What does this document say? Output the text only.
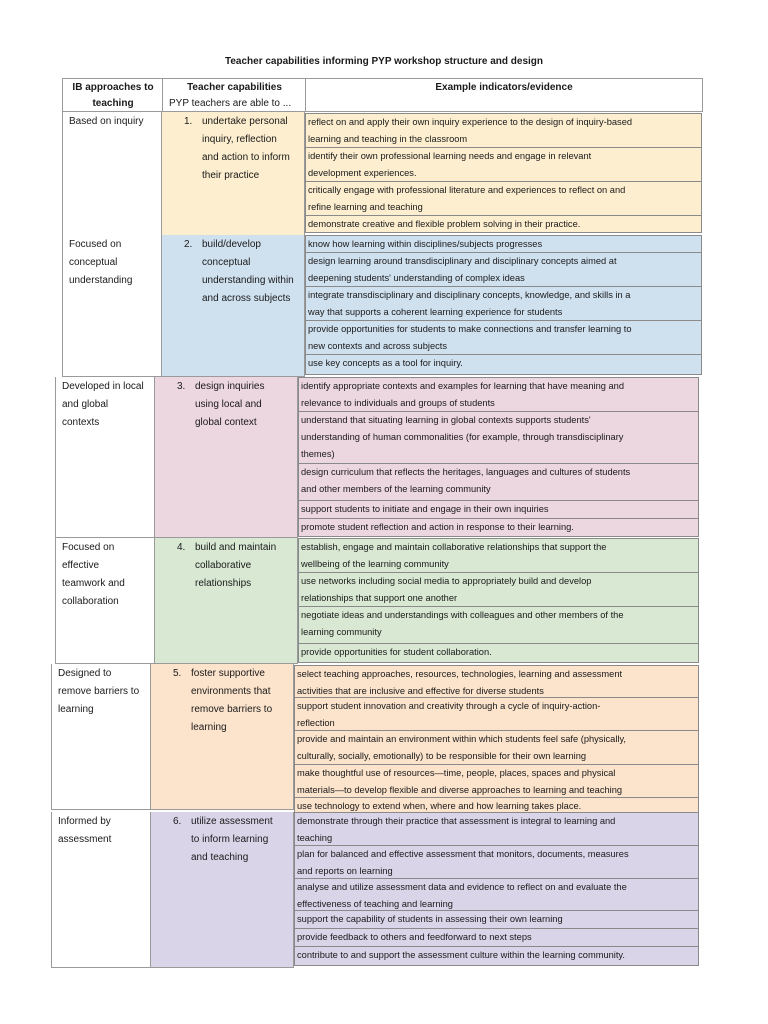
Teacher capabilities informing PYP workshop structure and design
IB approaches to
teaching
Teacher capabilities
PYP teachers are able to ...
Example indicators/evidence
Based on inquiry	1. undertake personal
inquiry, reflection
and action to inform
their practice
reflect on and apply their own inquiry experience to the design of inquiry-based
learning and teaching in the classroom
identify their own professional learning needs and engage in relevant
development experiences.
critically engage with professional literature and experiences to reflect on and
refine learning and teaching
demonstrate creative and flexible problem solving in their practice.
Focused on
conceptual
understanding
2. build/develop
conceptual
understanding within
and across subjects
know how learning within disciplines/subjects progresses
design learning around transdisciplinary and disciplinary concepts aimed at
deepening students' understanding of complex ideas
integrate transdisciplinary and disciplinary concepts, knowledge, and skills in a
way that supports a coherent learning experience for students
provide opportunities for students to make connections and transfer learning to
new contexts and across subjects
use key concepts as a tool for inquiry.
Developed in local
and global
contexts
3. design inquiries
using local and
global context
identify appropriate contexts and examples for learning that have meaning and
relevance to individuals and groups of students
understand that situating learning in global contexts supports students'
understanding of human commonalities (for example, through transdisciplinary
themes)
design curriculum that reflects the heritages, languages and cultures of students
and other members of the learning community
support students to initiate and engage in their own inquiries
promote student reflection and action in response to their learning.
Focused on
effective
teamwork and
collaboration
4. build and maintain
collaborative
relationships
establish, engage and maintain collaborative relationships that support the
wellbeing of the learning community
use networks including social media to appropriately build and develop
relationships that support one another
negotiate ideas and understandings with colleagues and other members of the
learning community
provide opportunities for student collaboration.
Designed to
remove barriers to
learning
5. foster supportive
environments that
remove barriers to
learning
select teaching approaches, resources, technologies, learning and assessment
activities that are inclusive and effective for diverse students
support student innovation and creativity through a cycle of inquiry-action-
reflection
provide and maintain an environment within which students feel safe (physically,
culturally, socially, emotionally) to be responsible for their own learning
make thoughtful use of resources—time, people, places, spaces and physical
materials—to develop flexible and diverse approaches to learning and teaching
use technology to extend when, where and how learning takes place.
Informed by
assessment
6. utilize assessment
to inform learning
and teaching
demonstrate through their practice that assessment is integral to learning and
teaching
plan for balanced and effective assessment that monitors, documents, measures
and reports on learning
analyse and utilize assessment data and evidence to reflect on and evaluate the
effectiveness of teaching and learning
support the capability of students in assessing their own learning
provide feedback to others and feedforward to next steps
contribute to and support the assessment culture within the learning community.
